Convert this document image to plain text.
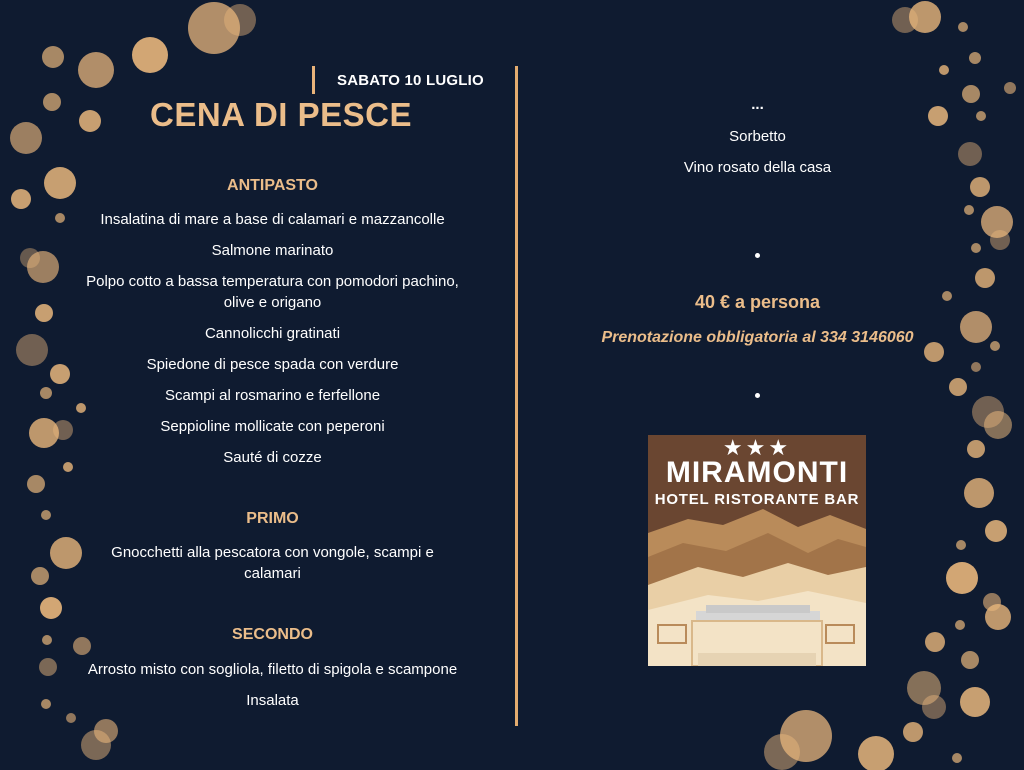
SABATO 10 LUGLIO
CENA DI PESCE
ANTIPASTO
Insalatina di mare a base di calamari e mazzancolle
Salmone marinato
Polpo cotto a bassa temperatura con pomodori pachino,
olive e origano
Cannolicchi gratinati
Spiedone di pesce spada con verdure
Scampi al rosmarino e ferfellone
Seppioline mollicate con peperoni
Sauté di cozze
PRIMO
Gnocchetti alla pescatora con vongole, scampi e
calamari
SECONDO
Arrosto misto con sogliola, filetto di spigola e scampone
Insalata
...
Sorbetto
Vino rosato della casa
40 € a persona
Prenotazione obbligatoria al 334 3146060
★★★
MIRAMONTI
HOTEL RISTORANTE BAR
